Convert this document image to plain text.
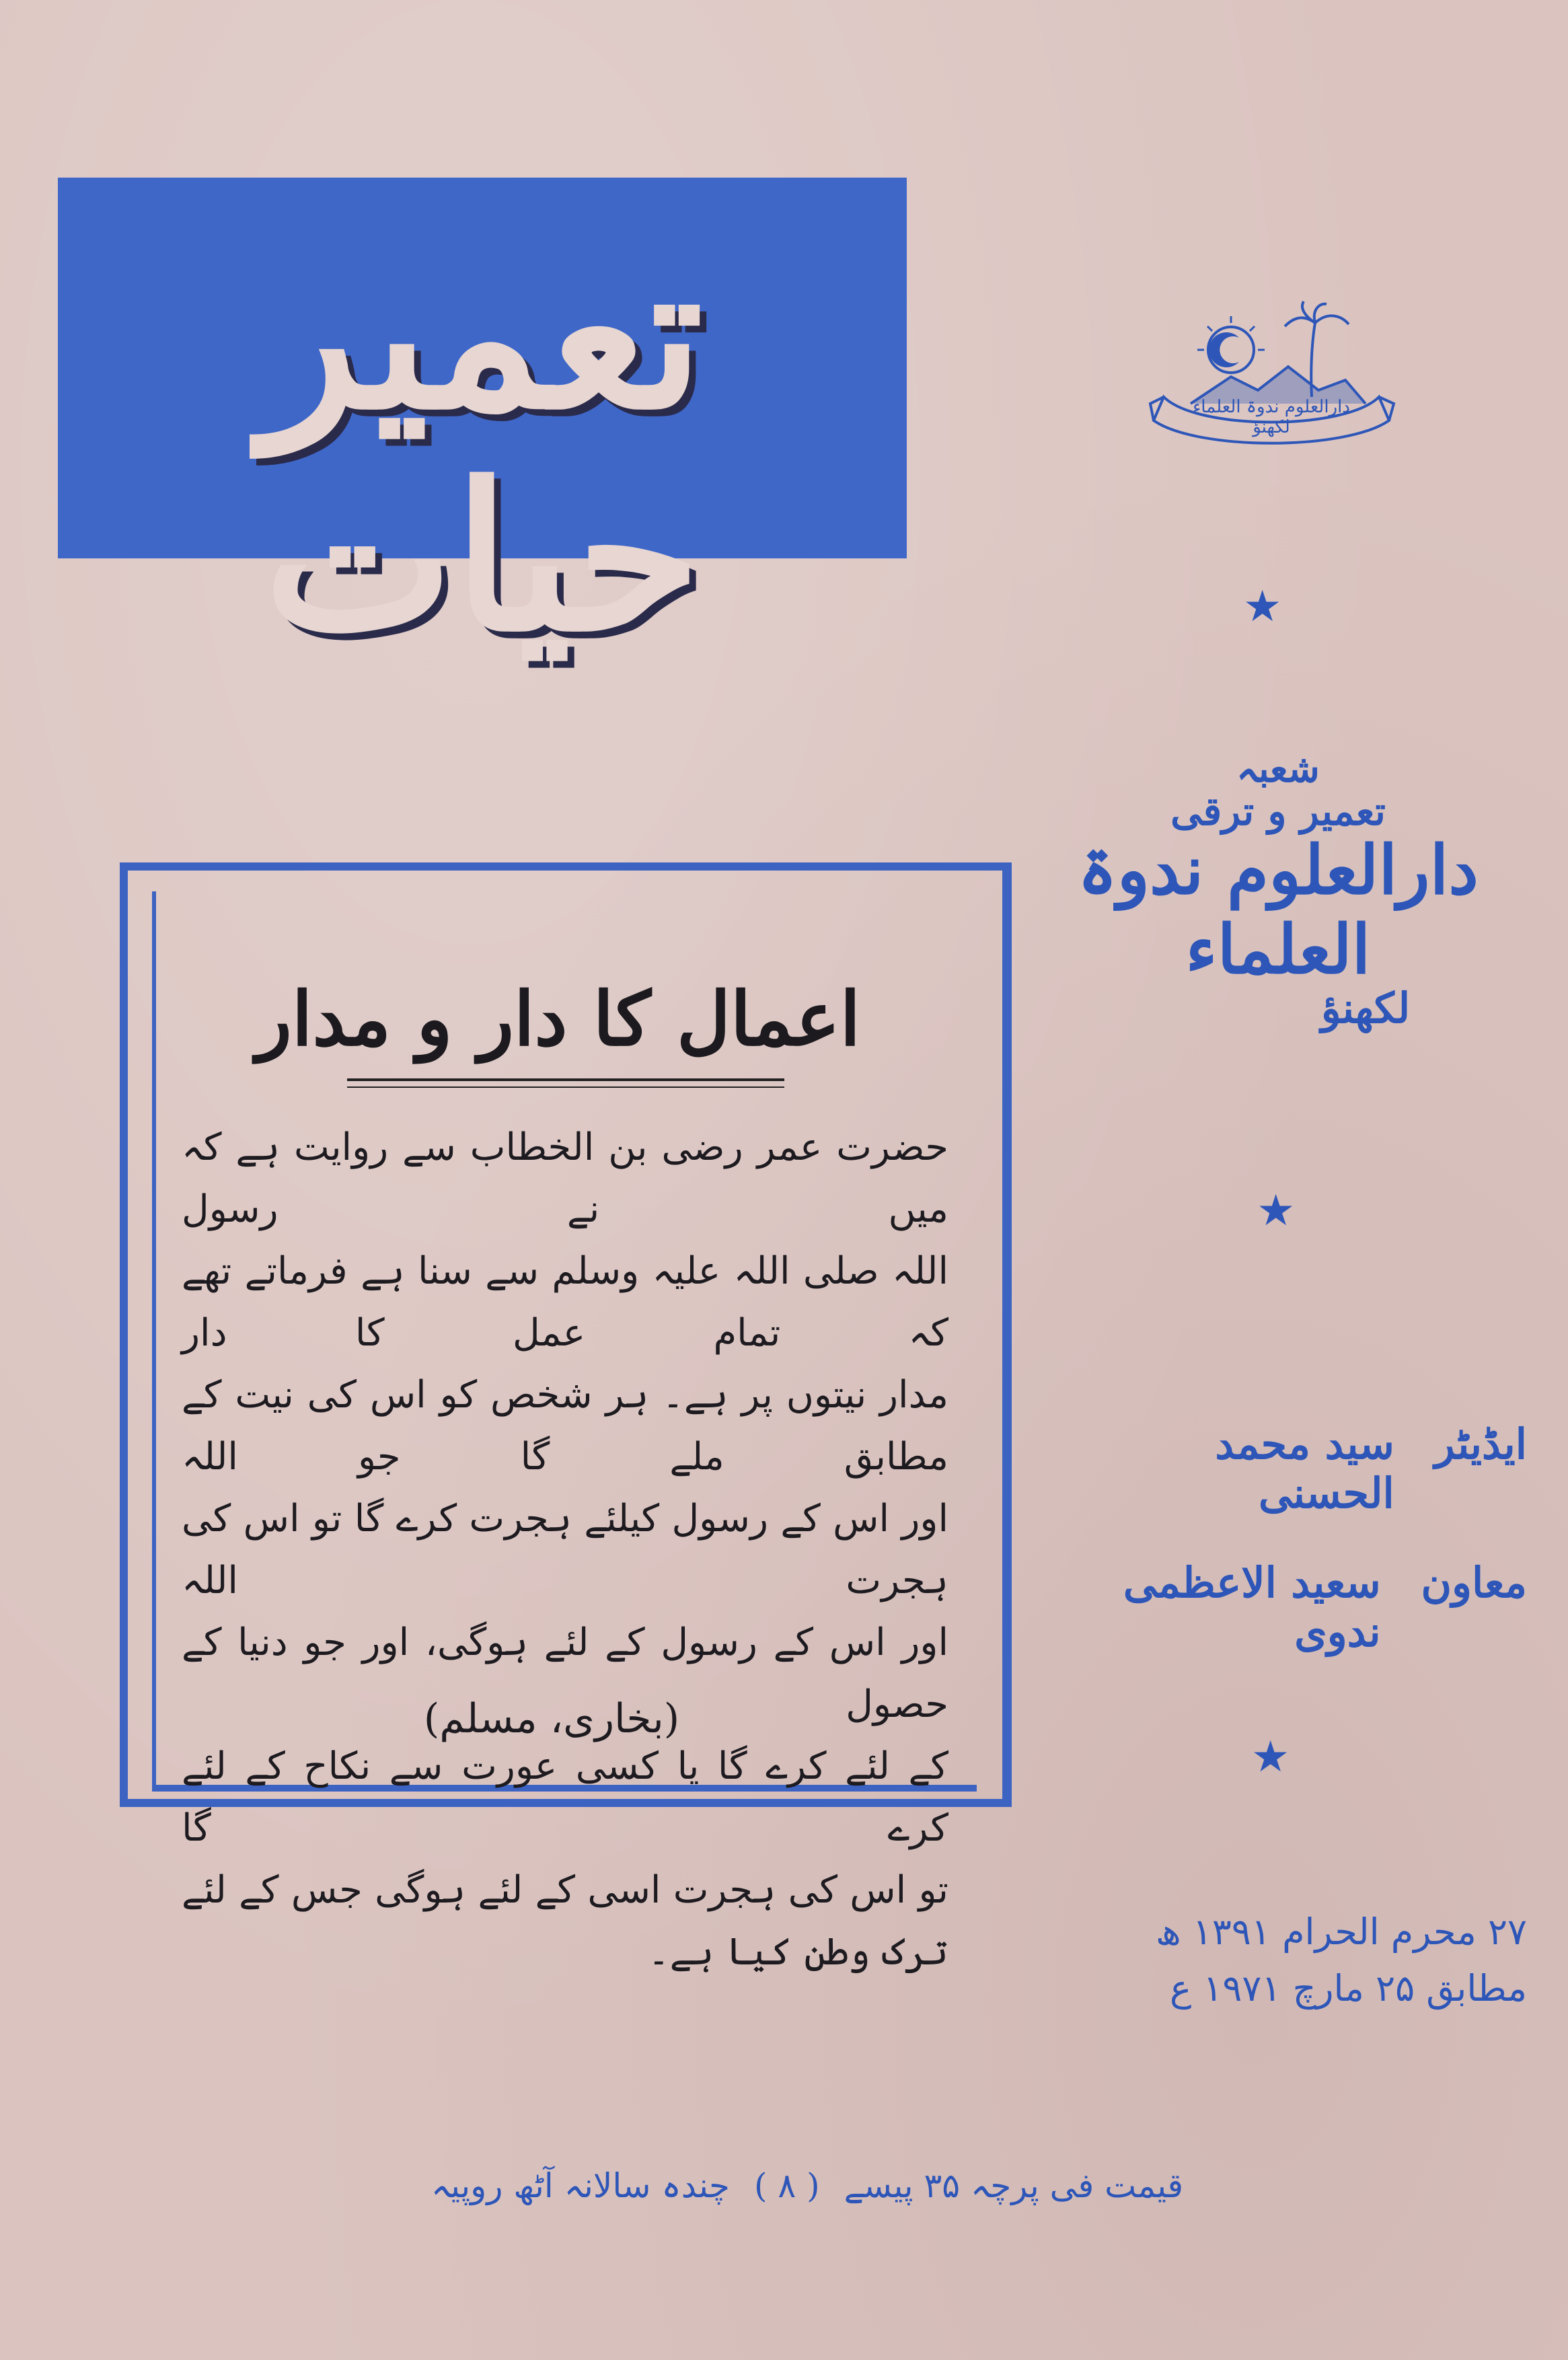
تعمیر حیات
دارالعلوم ندوۃ العلماء لکھنؤ
★
★
★
شعبہ
تعمیر و ترقی
دارالعلوم ندوۃ العلماء
لکھنؤ
ایڈیٹر
سید محمد الحسنی
معاون
سعید الاعظمی ندوی
۲۷ محرم الحرام ۱۳۹۱ ھ
مطابق ۲۵ مارچ ۱۹۷۱ ع
اعمال کا دار و مدار

حضرت عمر رضی بن الخطاب سے روایت ہے کہ میں نے رسول

اللہ صلی اللہ علیہ وسلم سے سنا ہے فرماتے تھے کہ تمام عمل کا دار

مدار نیتوں پر ہے۔ ہر شخص کو اس کی نیت کے مطابق ملے گا جو اللہ

اور اس کے رسول کیلئے ہجرت کرے گا تو اس کی ہجرت اللہ

اور اس کے رسول کے لئے ہوگی، اور جو دنیا کے حصول

کے لئے کرے گا یا کسی عورت سے نکاح کے لئے کرے گا

تو اس کی ہجرت اسی کے لئے ہوگی جس کے لئے

ترک وطن کیا ہے۔

(بخاری، مسلم)
چندہ سالانہ آٹھ روپیہ ( ٨ ) قیمت فی پرچہ ۳۵ پیسے
